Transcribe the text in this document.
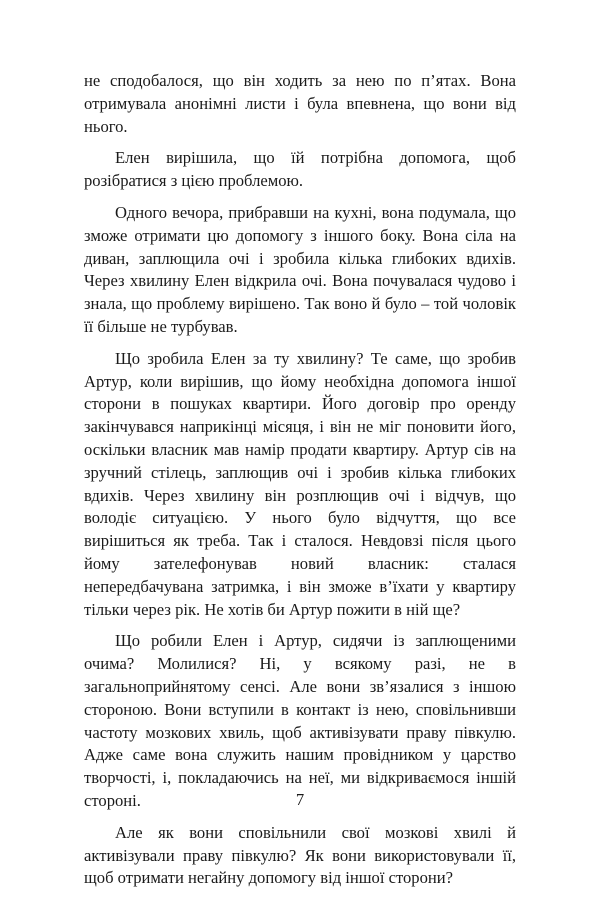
не сподобалося, що він ходить за нею по п’ятах. Вона отримувала анонімні листи і була впевнена, що вони від нього.

Елен вирішила, що їй потрібна допомога, щоб розібратися з цією проблемою.

Одного вечора, прибравши на кухні, вона подумала, що зможе отримати цю допомогу з іншого боку. Вона сіла на диван, заплющила очі і зробила кілька глибоких вдихів. Через хвилину Елен відкрила очі. Вона почувалася чудово і знала, що проблему вирішено. Так воно й було – той чоловік її більше не турбував.

Що зробила Елен за ту хвилину? Те саме, що зробив Артур, коли вирішив, що йому необхідна допомога іншої сторони в пошуках квартири. Його договір про оренду закінчувався наприкінці місяця, і він не міг поновити його, оскільки власник мав намір продати квартиру. Артур сів на зручний стілець, заплющив очі і зробив кілька глибоких вдихів. Через хвилину він розплющив очі і відчув, що володіє ситуацією. У нього було відчуття, що все вирішиться як треба. Так і сталося. Невдовзі після цього йому зателефонував новий власник: сталася непередбачувана затримка, і він зможе в’їхати у квартиру тільки через рік. Не хотів би Артур пожити в ній ще?

Що робили Елен і Артур, сидячи із заплющеними очима? Молилися? Ні, у всякому разі, не в загальноприйнятому сенсі. Але вони зв’язалися з іншою стороною. Вони вступили в контакт із нею, сповільнивши частоту мозкових хвиль, щоб активізувати праву півкулю. Адже саме вона служить нашим провідником у царство творчості, і, покладаючись на неї, ми відкриваємося іншій стороні.

Але як вони сповільнили свої мозкові хвилі й активізували праву півкулю? Як вони використовували її, щоб отримати негайну допомогу від іншої сторони?

7
